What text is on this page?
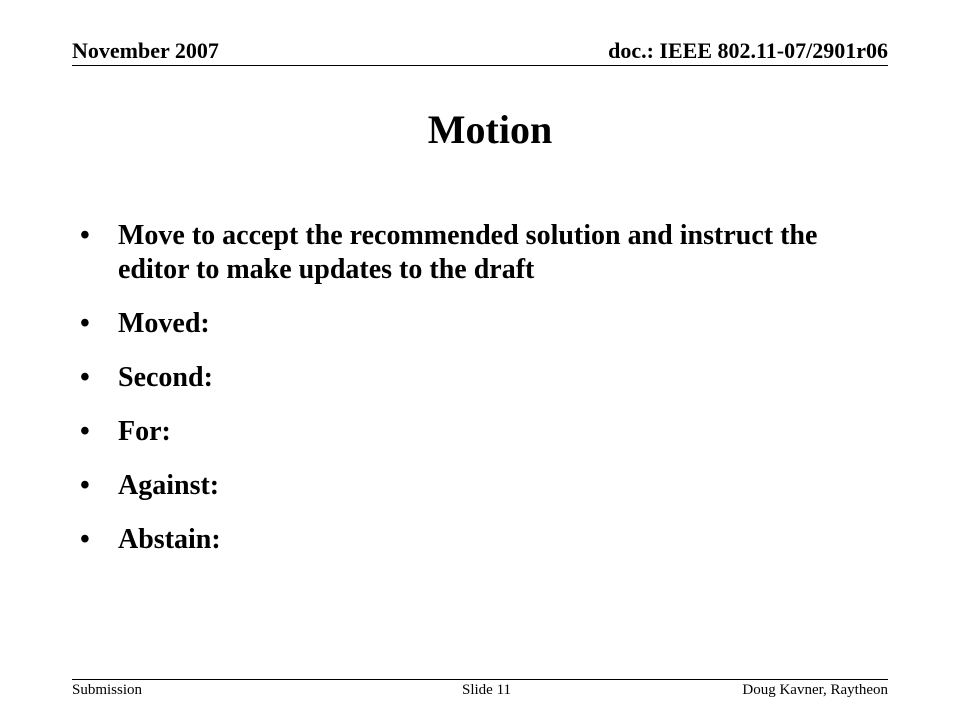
November 2007	doc.: IEEE 802.11-07/2901r06
Motion
• Move to accept the recommended solution and instruct the editor to make updates to the draft
• Moved:
• Second:
• For:
• Against:
• Abstain:
Submission	Slide 11	Doug Kavner, Raytheon
